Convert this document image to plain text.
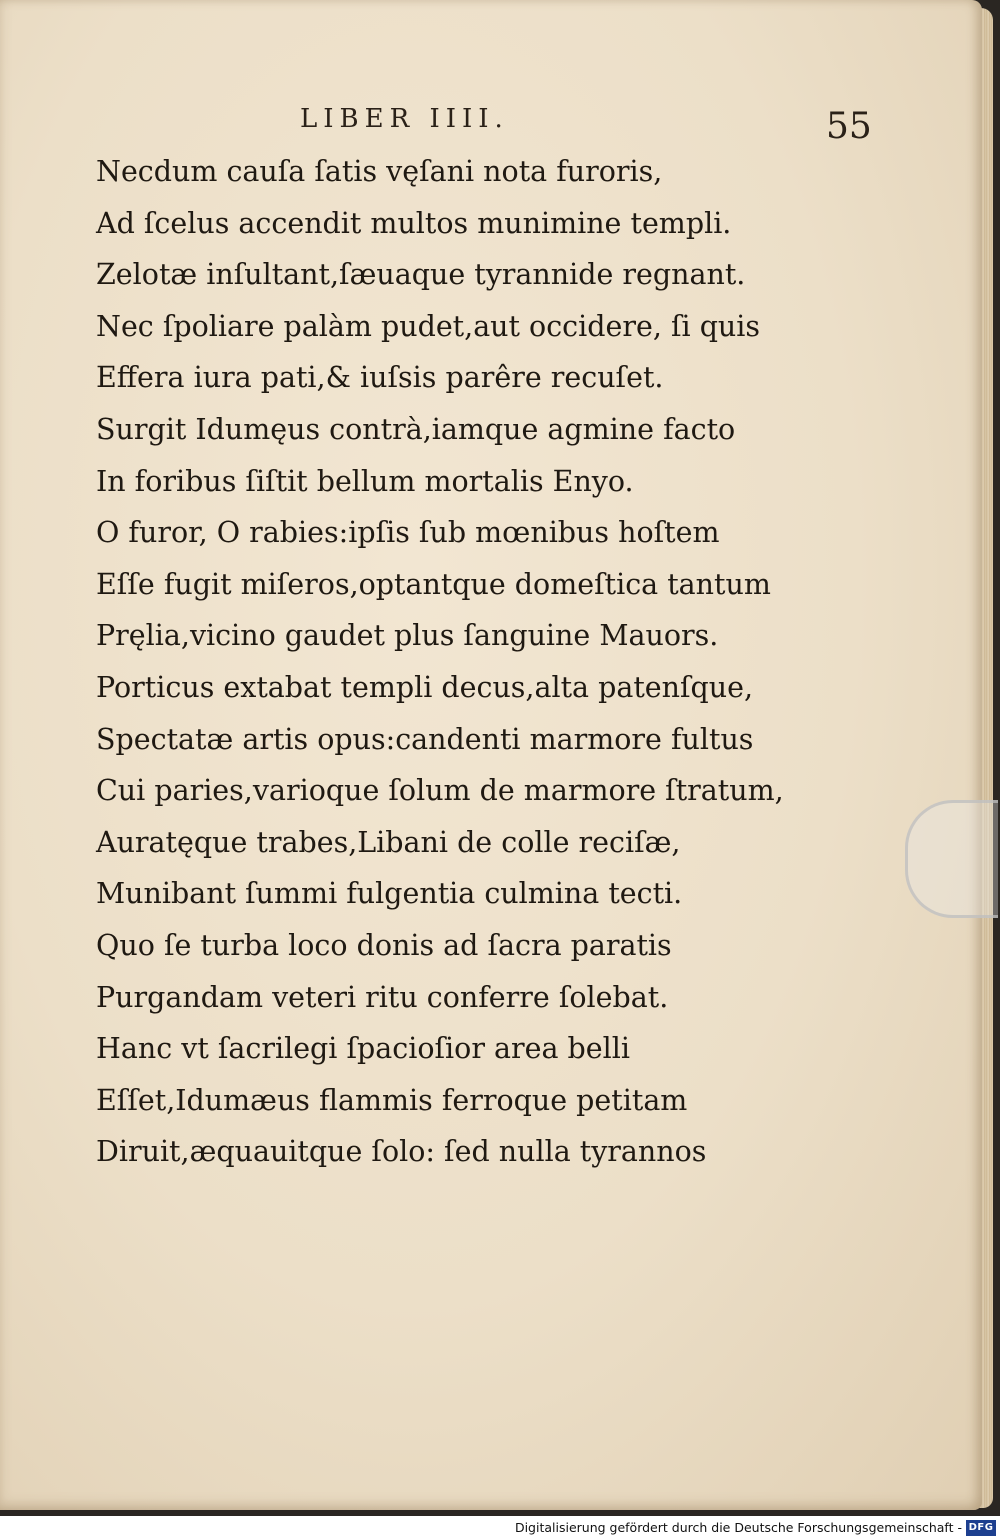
LIBER IIII.	55
Necdum cauſa ſatis vęſani nota furoris,
Ad ſcelus accendit multos munimine templi.
Zelotæ inſultant,ſæuaque tyrannide regnant.
Nec ſpoliare palàm pudet,aut occidere, ſi quis
Effera iura pati,& iuſsis parêre recuſet.
Surgit Idumęus contrà,iamque agmine facto
In foribus ſiſtit bellum mortalis Enyo.
O furor, O rabies:ipſis ſub mœnibus hoſtem
Eſſe fugit miſeros,optantque domeſtica tantum
Pręlia,vicino gaudet plus ſanguine Mauors.
Porticus extabat templi decus,alta patenſque,
Spectatæ artis opus:candenti marmore fultus
Cui paries,varioque ſolum de marmore ſtratum,
Auratęque trabes,Libani de colle reciſæ,
Munibant ſummi fulgentia culmina tecti.
Quo ſe turba loco donis ad ſacra paratis
Purgandam veteri ritu conferre ſolebat.
Hanc vt ſacrilegi ſpacioſior area belli
Eſſet,Idumæus flammis ferroque petitam
Diruit,æquauitque ſolo: ſed nulla tyrannos
Digitalisierung gefördert durch die Deutsche Forschungsgemeinschaft - DFG
